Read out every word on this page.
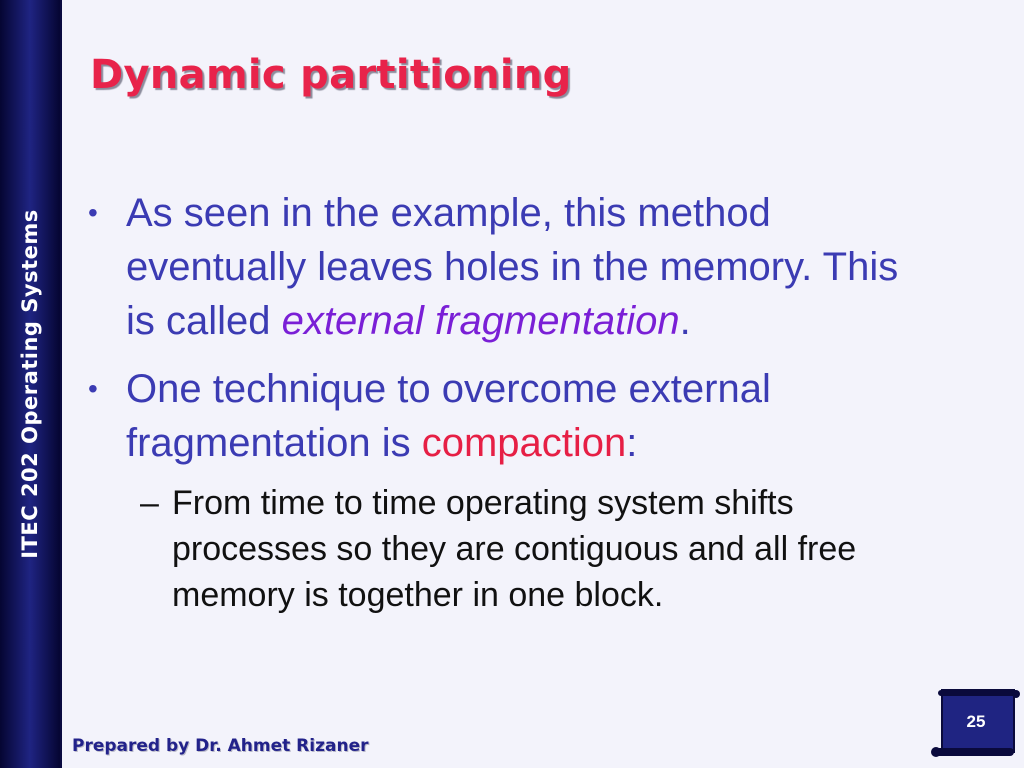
ITEC 202 Operating Systems
Dynamic partitioning
• As seen in the example, this method eventually leaves holes in the memory. This is called external fragmentation.
• One technique to overcome external fragmentation is compaction:
– From time to time operating system shifts processes so they are contiguous and all free memory is together in one block.
Prepared by Dr. Ahmet Rizaner
25
